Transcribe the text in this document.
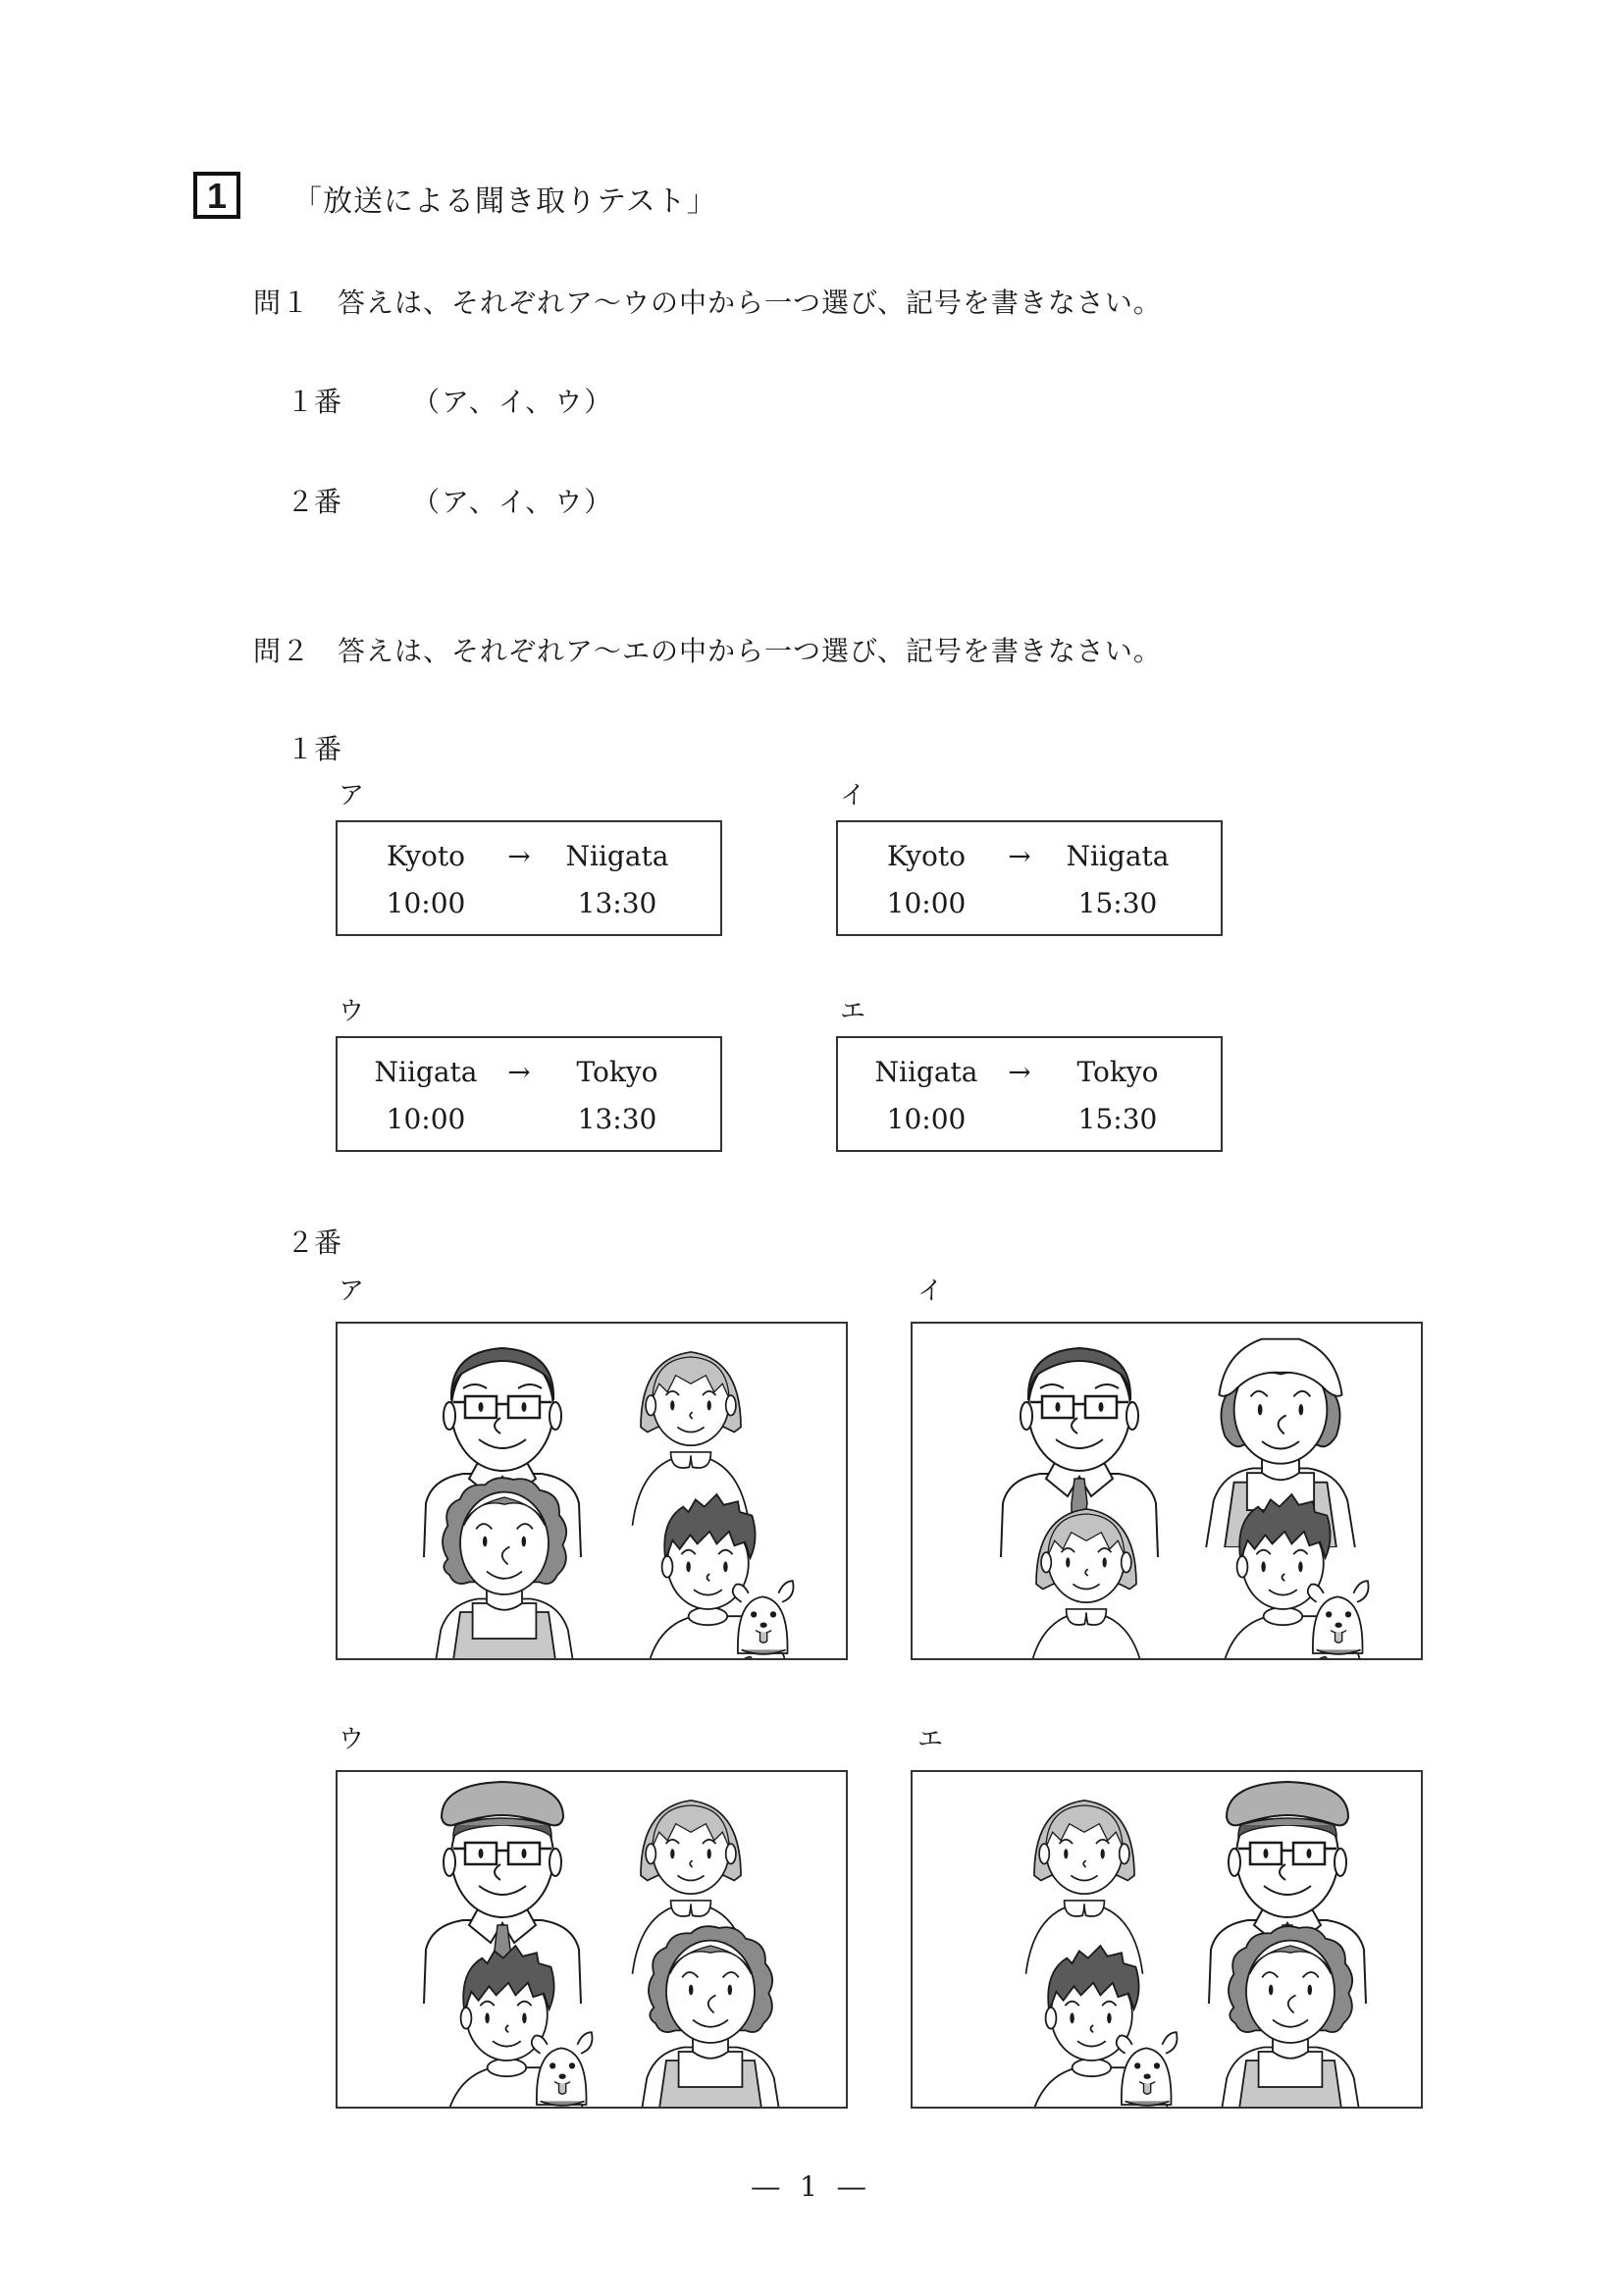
1	「放送による聞き取りテスト」
問１ 答えは、それぞれア～ウの中から一つ選び、記号を書きなさい。
１番	（ア、イ、ウ）
２番	（ア、イ、ウ）
問２ 答えは、それぞれア～エの中から一つ選び、記号を書きなさい。
１番
ア
Kyoto	→	Niigata
10:00	13:30
イ
Kyoto	→	Niigata
10:00	15:30
ウ
Niigata	→	Tokyo
10:00	13:30
エ
Niigata	→	Tokyo
10:00	15:30
２番
ア	イ
ウ	エ
― 1 ―
